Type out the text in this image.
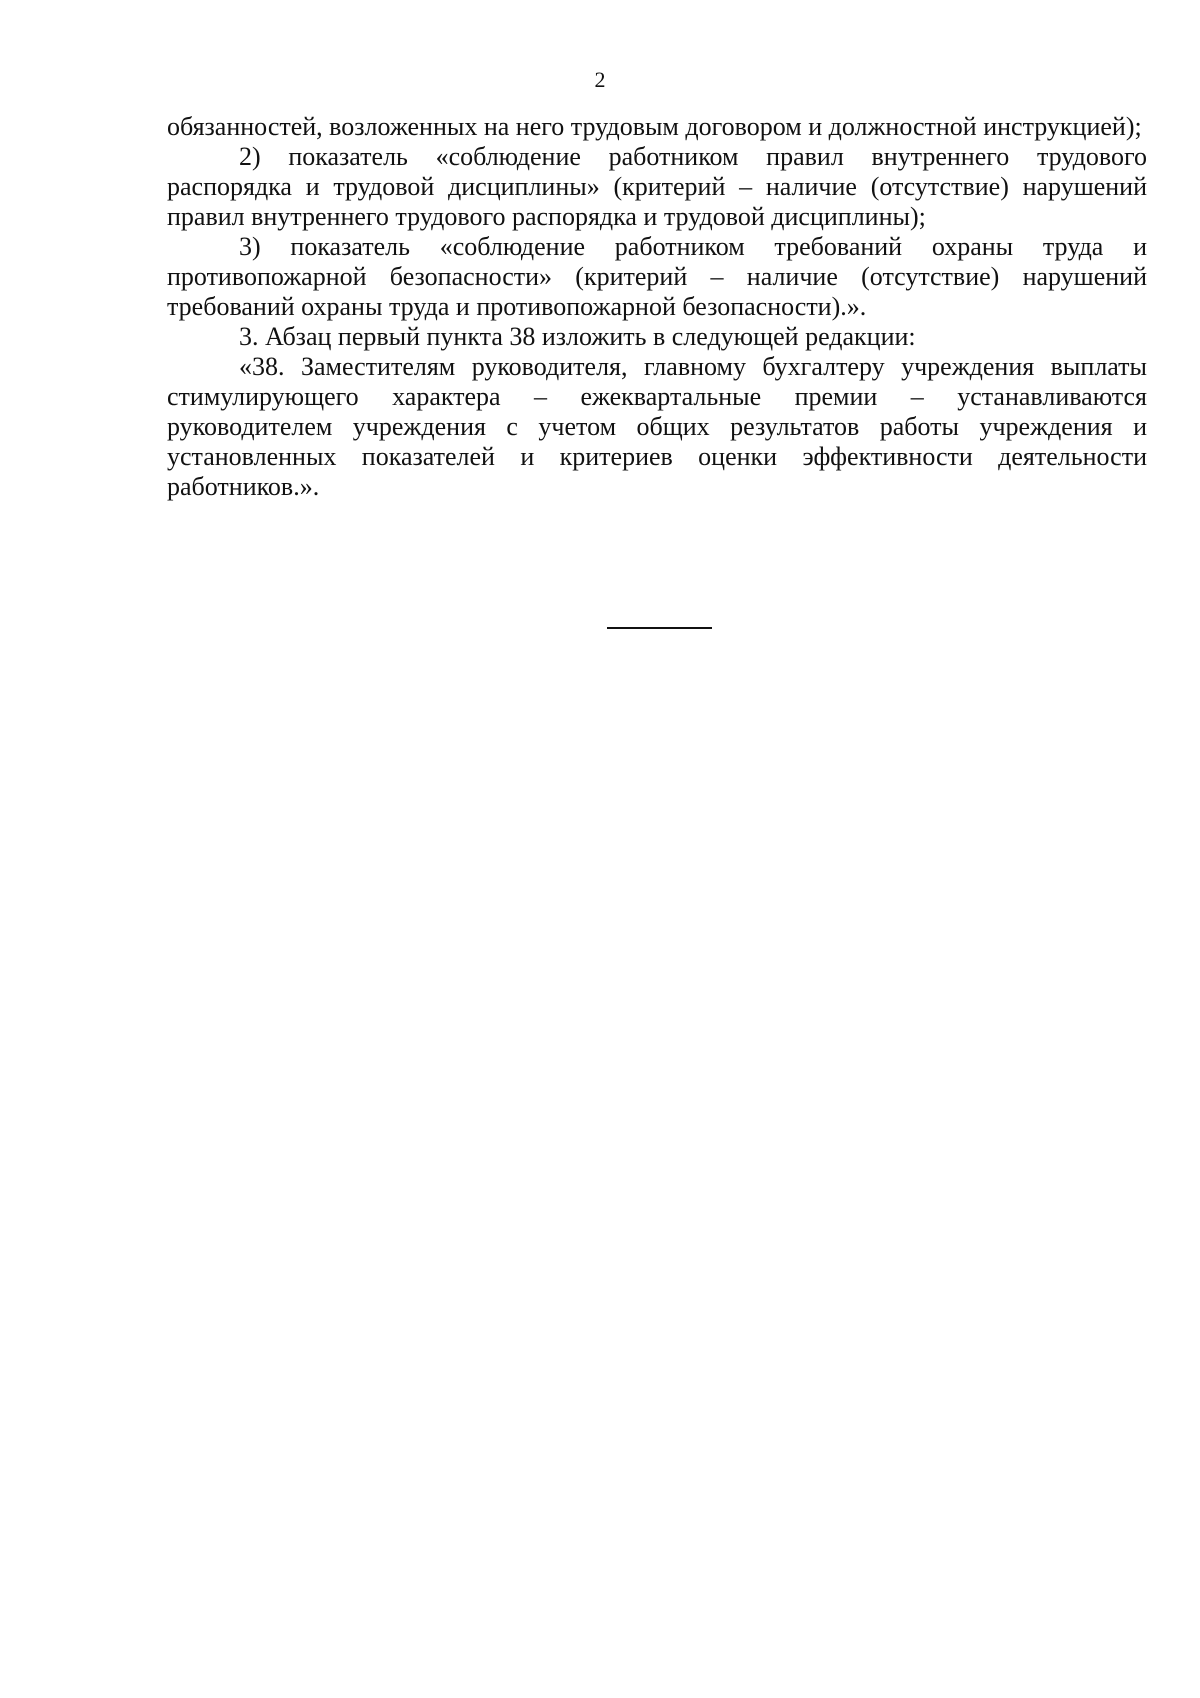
2

обязанностей, возложенных на него трудовым договором и должностной инструкцией);

2) показатель «соблюдение работником правил внутреннего трудового распорядка и трудовой дисциплины» (критерий – наличие (отсутствие) нарушений правил внутреннего трудового распорядка и трудовой дисциплины);

3) показатель «соблюдение работником требований охраны труда и противопожарной безопасности» (критерий – наличие (отсутствие) нарушений требований охраны труда и противопожарной безопасности).».

3. Абзац первый пункта 38 изложить в следующей редакции:

«38. Заместителям руководителя, главному бухгалтеру учреждения выплаты стимулирующего характера – ежеквартальные премии – устанавливаются руководителем учреждения с учетом общих результатов работы учреждения и установленных показателей и критериев оценки эффективности деятельности работников.».
